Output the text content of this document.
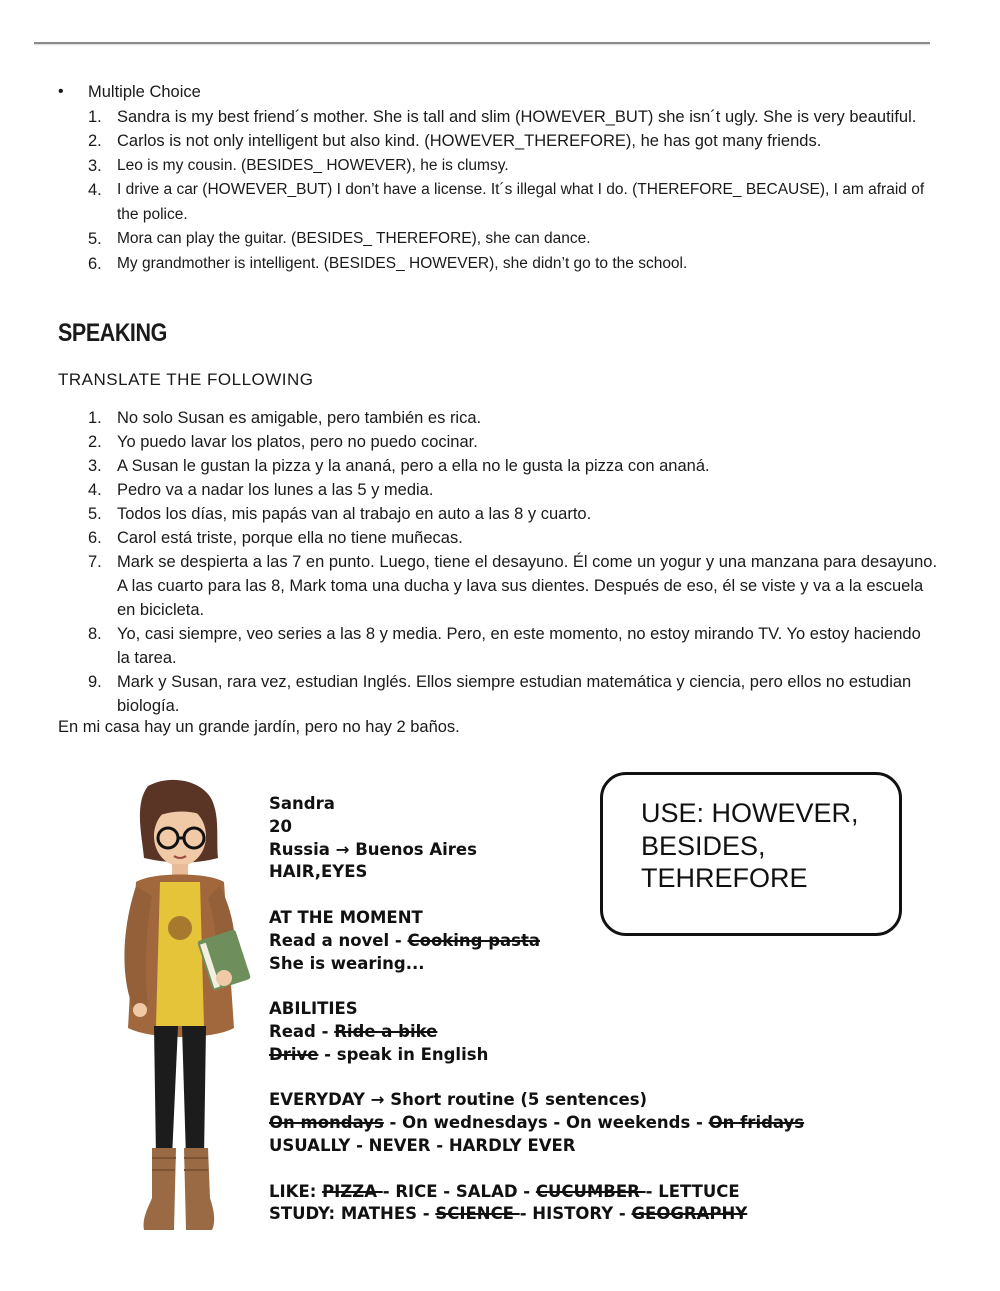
• Multiple Choice
1. Sandra is my best friend´s mother. She is tall and slim (HOWEVER_BUT) she isn´t ugly. She is very beautiful.
2. Carlos is not only intelligent but also kind. (HOWEVER_THEREFORE), he has got many friends.
3. Leo is my cousin. (BESIDES_ HOWEVER), he is clumsy.
4. I drive a car (HOWEVER_BUT) I don’t have a license. It´s illegal what I do. (THEREFORE_ BECAUSE), I am afraid of the police.
5. Mora can play the guitar. (BESIDES_ THEREFORE), she can dance.
6. My grandmother is intelligent. (BESIDES_ HOWEVER), she didn’t go to the school.
SPEAKING
TRANSLATE THE FOLLOWING
1. No solo Susan es amigable, pero también es rica.
2. Yo puedo lavar los platos, pero no puedo cocinar.
3. A Susan le gustan la pizza y la ananá, pero a ella no le gusta la pizza con ananá.
4. Pedro va a nadar los lunes a las 5 y media.
5. Todos los días, mis papás van al trabajo en auto a las 8 y cuarto.
6. Carol está triste, porque ella no tiene muñecas.
7. Mark se despierta a las 7 en punto. Luego, tiene el desayuno. Él come un yogur y una manzana para desayuno. A las cuarto para las 8, Mark toma una ducha y lava sus dientes. Después de eso, él se viste y va a la escuela en bicicleta.
8. Yo, casi siempre, veo series a las 8 y media. Pero, en este momento, no estoy mirando TV. Yo estoy haciendo la tarea.
9. Mark y Susan, rara vez, estudian Inglés. Ellos siempre estudian matemática y ciencia, pero ellos no estudian biología.
En mi casa hay un grande jardín, pero no hay 2 baños.
Sandra
20
Russia → Buenos Aires
HAIR,EYES
AT THE MOMENT
Read a novel - Cooking pasta
She is wearing...
ABILITIES
Read - Ride a bike
Drive - speak in English
EVERYDAY → Short routine (5 sentences)
On mondays - On wednesdays - On weekends - On fridays
USUALLY - NEVER - HARDLY EVER
LIKE: PIZZA - RICE - SALAD - CUCUMBER - LETTUCE
STUDY: MATHES - SCIENCE - HISTORY - GEOGRAPHY
USE: HOWEVER,
BESIDES,
TEHREFORE
